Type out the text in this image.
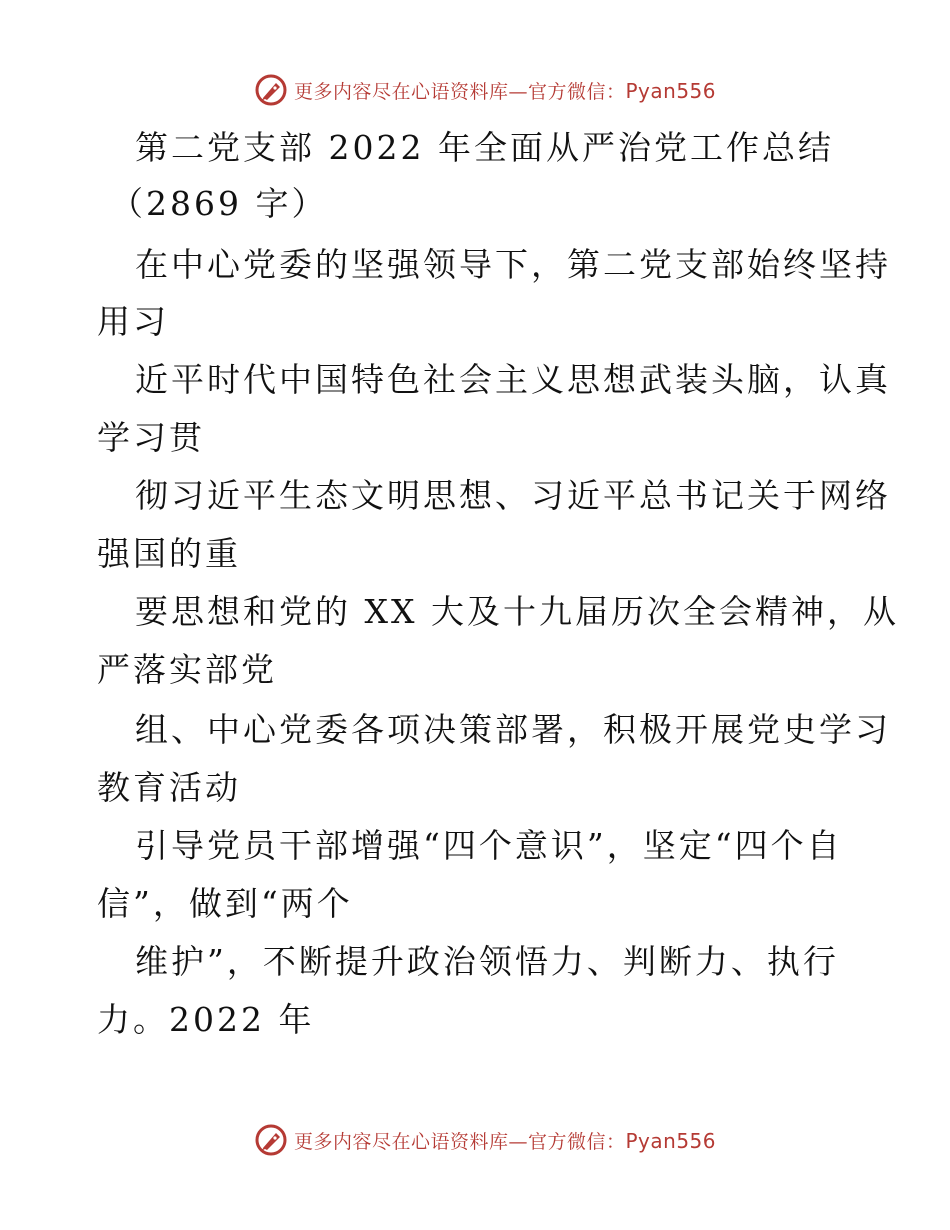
更多内容尽在心语资料库—官方微信：Pyan556
第二党支部 2022 年全面从严治党工作总结
（2869 字）
在中心党委的坚强领导下，第二党支部始终坚持
用习
近平时代中国特色社会主义思想武装头脑，认真
学习贯
彻习近平生态文明思想、习近平总书记关于网络
强国的重
要思想和党的 XX 大及十九届历次全会精神，从
严落实部党
组、中心党委各项决策部署，积极开展党史学习
教育活动
引导党员干部增强“四个意识”，坚定“四个自
信”，做到“两个
维护”，不断提升政治领悟力、判断力、执行
力。2022 年
更多内容尽在心语资料库—官方微信：Pyan556
